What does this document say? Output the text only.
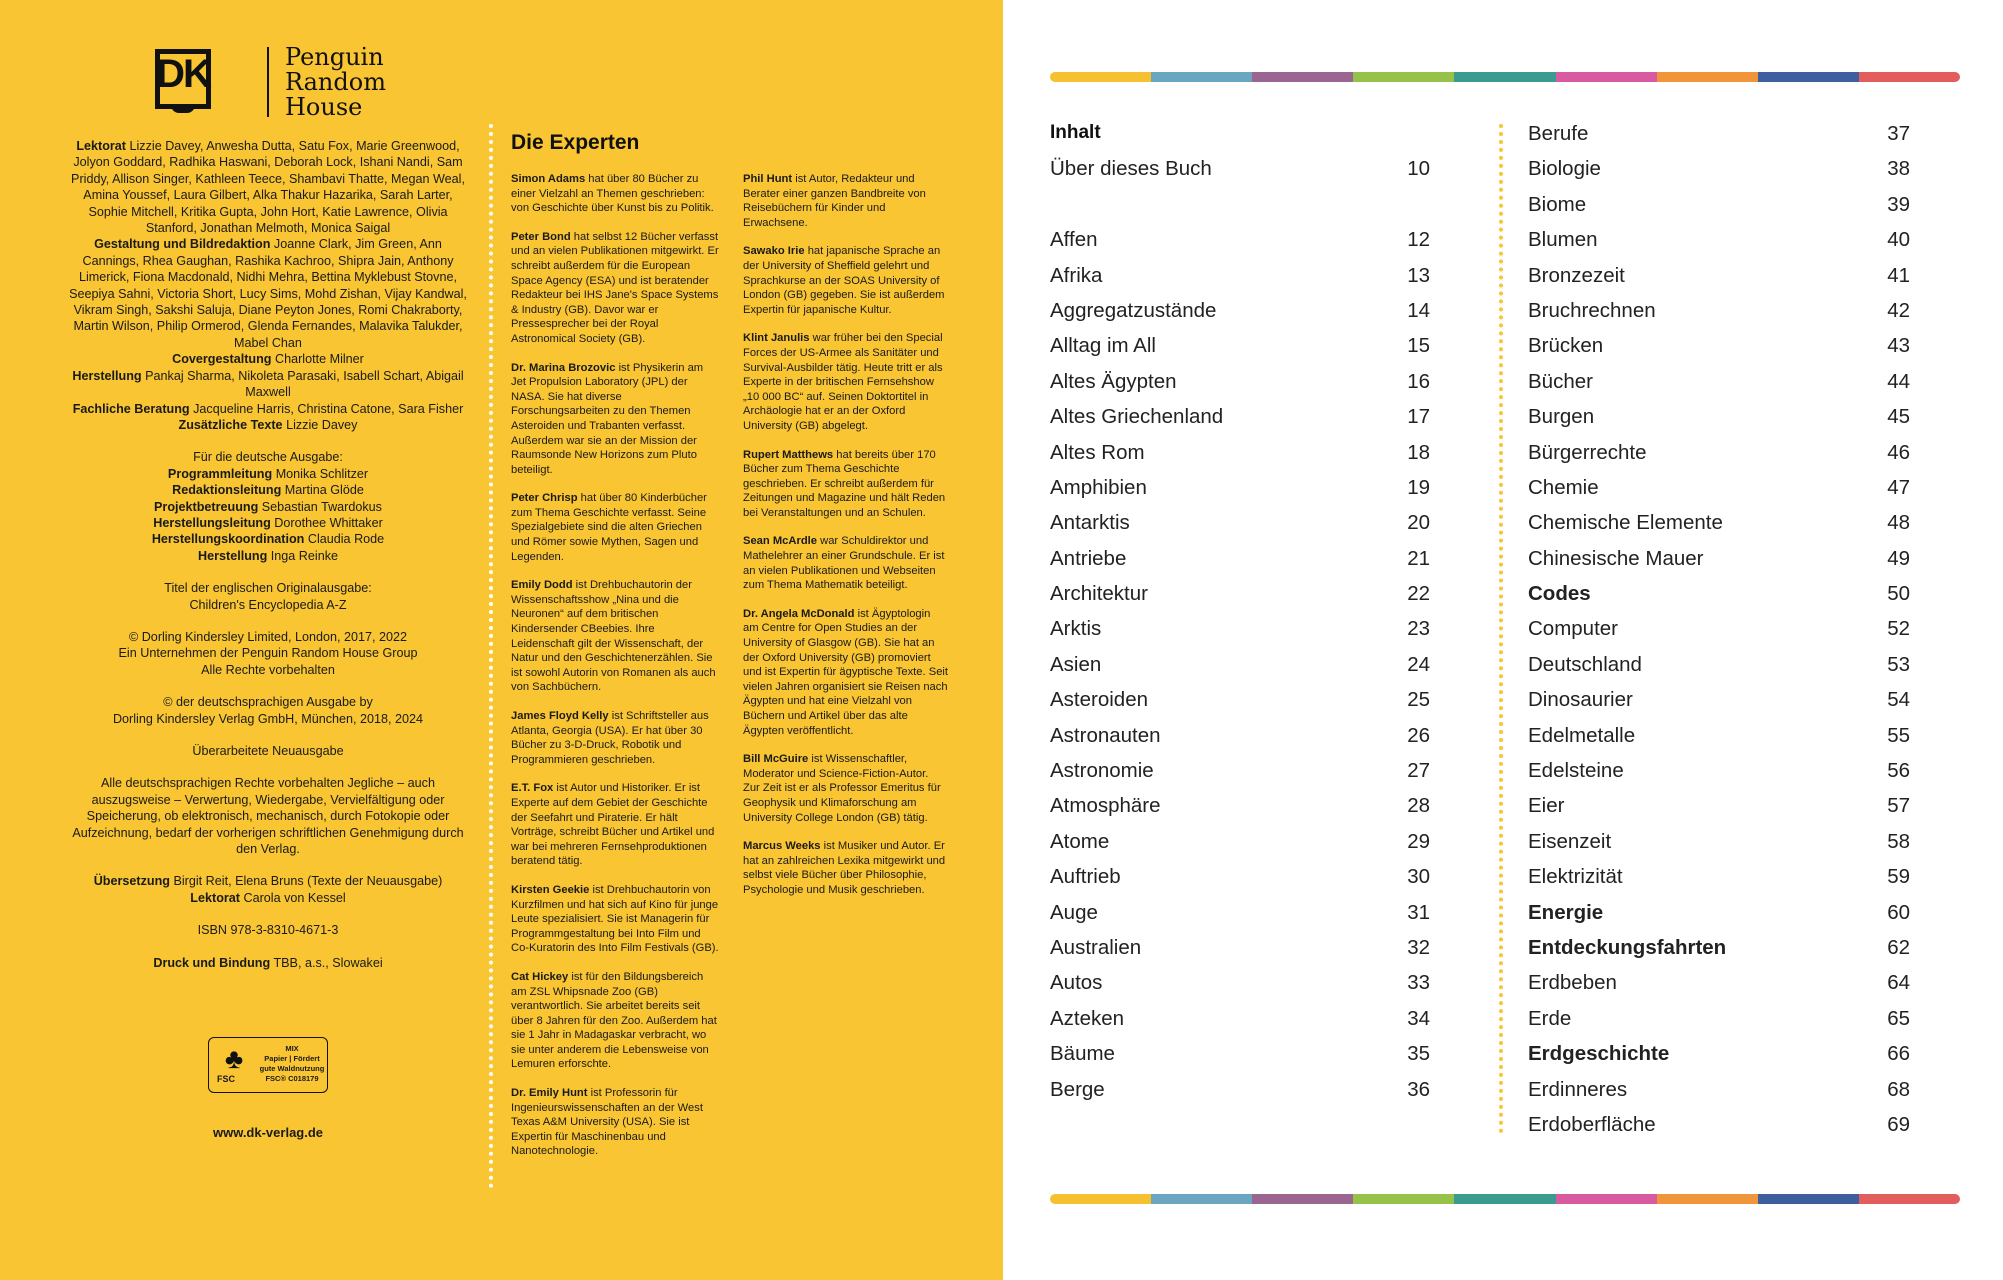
DK	Penguin
Random
House
Lektorat Lizzie Davey, Anwesha Dutta, Satu Fox, Marie Greenwood, Jolyon Goddard, Radhika Haswani, Deborah Lock, Ishani Nandi, Sam Priddy, Allison Singer, Kathleen Teece, Shambavi Thatte, Megan Weal, Amina Youssef, Laura Gilbert, Alka Thakur Hazarika, Sarah Larter, Sophie Mitchell, Kritika Gupta, John Hort, Katie Lawrence, Olivia Stanford, Jonathan Melmoth, Monica Saigal
Gestaltung und Bildredaktion Joanne Clark, Jim Green, Ann Cannings, Rhea Gaughan, Rashika Kachroo, Shipra Jain, Anthony Limerick, Fiona Macdonald, Nidhi Mehra, Bettina Myklebust Stovne, Seepiya Sahni, Victoria Short, Lucy Sims, Mohd Zishan, Vijay Kandwal, Vikram Singh, Sakshi Saluja, Diane Peyton Jones, Romi Chakraborty, Martin Wilson, Philip Ormerod, Glenda Fernandes, Malavika Talukder, Mabel Chan
Covergestaltung Charlotte Milner
Herstellung Pankaj Sharma, Nikoleta Parasaki, Isabell Schart, Abigail Maxwell
Fachliche Beratung Jacqueline Harris, Christina Catone, Sara Fisher
Zusätzliche Texte Lizzie Davey
Für die deutsche Ausgabe:
Programmleitung Monika Schlitzer
Redaktionsleitung Martina Glöde
Projektbetreuung Sebastian Twardokus
Herstellungsleitung Dorothee Whittaker
Herstellungskoordination Claudia Rode
Herstellung Inga Reinke
Titel der englischen Originalausgabe:
Children's Encyclopedia A-Z
© Dorling Kindersley Limited, London, 2017, 2022
Ein Unternehmen der Penguin Random House Group
Alle Rechte vorbehalten
© der deutschsprachigen Ausgabe by
Dorling Kindersley Verlag GmbH, München, 2018, 2024
Überarbeitete Neuausgabe
Alle deutschsprachigen Rechte vorbehalten Jegliche – auch auszugsweise – Verwertung, Wiedergabe, Vervielfältigung oder Speicherung, ob elektronisch, mechanisch, durch Fotokopie oder Aufzeichnung, bedarf der vorherigen schriftlichen Genehmigung durch den Verlag.
Übersetzung Birgit Reit, Elena Bruns (Texte der Neuausgabe)
Lektorat Carola von Kessel
ISBN 978-3-8310-4671-3
Druck und Bindung TBB, a.s., Slowakei
♣
FSC
MIX
Papier | Fördert
gute Waldnutzung
FSC® C018179
www.dk-verlag.de
Die Experten
Simon Adams hat über 80 Bücher zu einer Vielzahl an Themen geschrieben: von Geschichte über Kunst bis zu Politik.
Peter Bond hat selbst 12 Bücher verfasst und an vielen Publikationen mitgewirkt. Er schreibt außerdem für die European Space Agency (ESA) und ist beratender Redakteur bei IHS Jane's Space Systems & Industry (GB). Davor war er Pressesprecher bei der Royal Astronomical Society (GB).
Dr. Marina Brozovic ist Physikerin am Jet Propulsion Laboratory (JPL) der NASA. Sie hat diverse Forschungsarbeiten zu den Themen Asteroiden und Trabanten verfasst. Außerdem war sie an der Mission der Raumsonde New Horizons zum Pluto beteiligt.
Peter Chrisp hat über 80 Kinderbücher zum Thema Geschichte verfasst. Seine Spezialgebiete sind die alten Griechen und Römer sowie Mythen, Sagen und Legenden.
Emily Dodd ist Drehbuchautorin der Wissenschaftsshow „Nina und die Neuronen“ auf dem britischen Kindersender CBeebies. Ihre Leidenschaft gilt der Wissenschaft, der Natur und den Geschichtenerzählen. Sie ist sowohl Autorin von Romanen als auch von Sachbüchern.
James Floyd Kelly ist Schriftsteller aus Atlanta, Georgia (USA). Er hat über 30 Bücher zu 3-D-Druck, Robotik und Programmieren geschrieben.
E.T. Fox ist Autor und Historiker. Er ist Experte auf dem Gebiet der Geschichte der Seefahrt und Piraterie. Er hält Vorträge, schreibt Bücher und Artikel und war bei mehreren Fernsehproduktionen beratend tätig.
Kirsten Geekie ist Drehbuchautorin von Kurzfilmen und hat sich auf Kino für junge Leute spezialisiert. Sie ist Managerin für Programmgestaltung bei Into Film und Co-Kuratorin des Into Film Festivals (GB).
Cat Hickey ist für den Bildungsbereich am ZSL Whipsnade Zoo (GB) verantwortlich. Sie arbeitet bereits seit über 8 Jahren für den Zoo. Außerdem hat sie 1 Jahr in Madagaskar verbracht, wo sie unter anderem die Lebensweise von Lemuren erforschte.
Dr. Emily Hunt ist Professorin für Ingenieurswissenschaften an der West Texas A&M University (USA). Sie ist Expertin für Maschinenbau und Nanotechnologie.
Phil Hunt ist Autor, Redakteur und Berater einer ganzen Bandbreite von Reisebüchern für Kinder und Erwachsene.
Sawako Irie hat japanische Sprache an der University of Sheffield gelehrt und Sprachkurse an der SOAS University of London (GB) gegeben. Sie ist außerdem Expertin für japanische Kultur.
Klint Janulis war früher bei den Special Forces der US-Armee als Sanitäter und Survival-Ausbilder tätig. Heute tritt er als Experte in der britischen Fernsehshow „10 000 BC“ auf. Seinen Doktortitel in Archäologie hat er an der Oxford University (GB) abgelegt.
Rupert Matthews hat bereits über 170 Bücher zum Thema Geschichte geschrieben. Er schreibt außerdem für Zeitungen und Magazine und hält Reden bei Veranstaltungen und an Schulen.
Sean McArdle war Schuldirektor und Mathelehrer an einer Grundschule. Er ist an vielen Publikationen und Webseiten zum Thema Mathematik beteiligt.
Dr. Angela McDonald ist Ägyptologin am Centre for Open Studies an der University of Glasgow (GB). Sie hat an der Oxford University (GB) promoviert und ist Expertin für ägyptische Texte. Seit vielen Jahren organisiert sie Reisen nach Ägypten und hat eine Vielzahl von Büchern und Artikel über das alte Ägypten veröffentlicht.
Bill McGuire ist Wissenschaftler, Moderator und Science-Fiction-Autor. Zur Zeit ist er als Professor Emeritus für Geophysik und Klimaforschung am University College London (GB) tätig.
Marcus Weeks ist Musiker und Autor. Er hat an zahlreichen Lexika mitgewirkt und selbst viele Bücher über Philosophie, Psychologie und Musik geschrieben.
Inhalt
Über dieses Buch	10
Affen	12
Afrika	13
Aggregatzustände	14
Alltag im All	15
Altes Ägypten	16
Altes Griechenland	17
Altes Rom	18
Amphibien	19
Antarktis	20
Antriebe	21
Architektur	22
Arktis	23
Asien	24
Asteroiden	25
Astronauten	26
Astronomie	27
Atmosphäre	28
Atome	29
Auftrieb	30
Auge	31
Australien	32
Autos	33
Azteken	34
Bäume	35
Berge	36
Berufe	37
Biologie	38
Biome	39
Blumen	40
Bronzezeit	41
Bruchrechnen	42
Brücken	43
Bücher	44
Burgen	45
Bürgerrechte	46
Chemie	47
Chemische Elemente	48
Chinesische Mauer	49
Codes	50
Computer	52
Deutschland	53
Dinosaurier	54
Edelmetalle	55
Edelsteine	56
Eier	57
Eisenzeit	58
Elektrizität	59
Energie	60
Entdeckungsfahrten	62
Erdbeben	64
Erde	65
Erdgeschichte	66
Erdinneres	68
Erdoberfläche	69
